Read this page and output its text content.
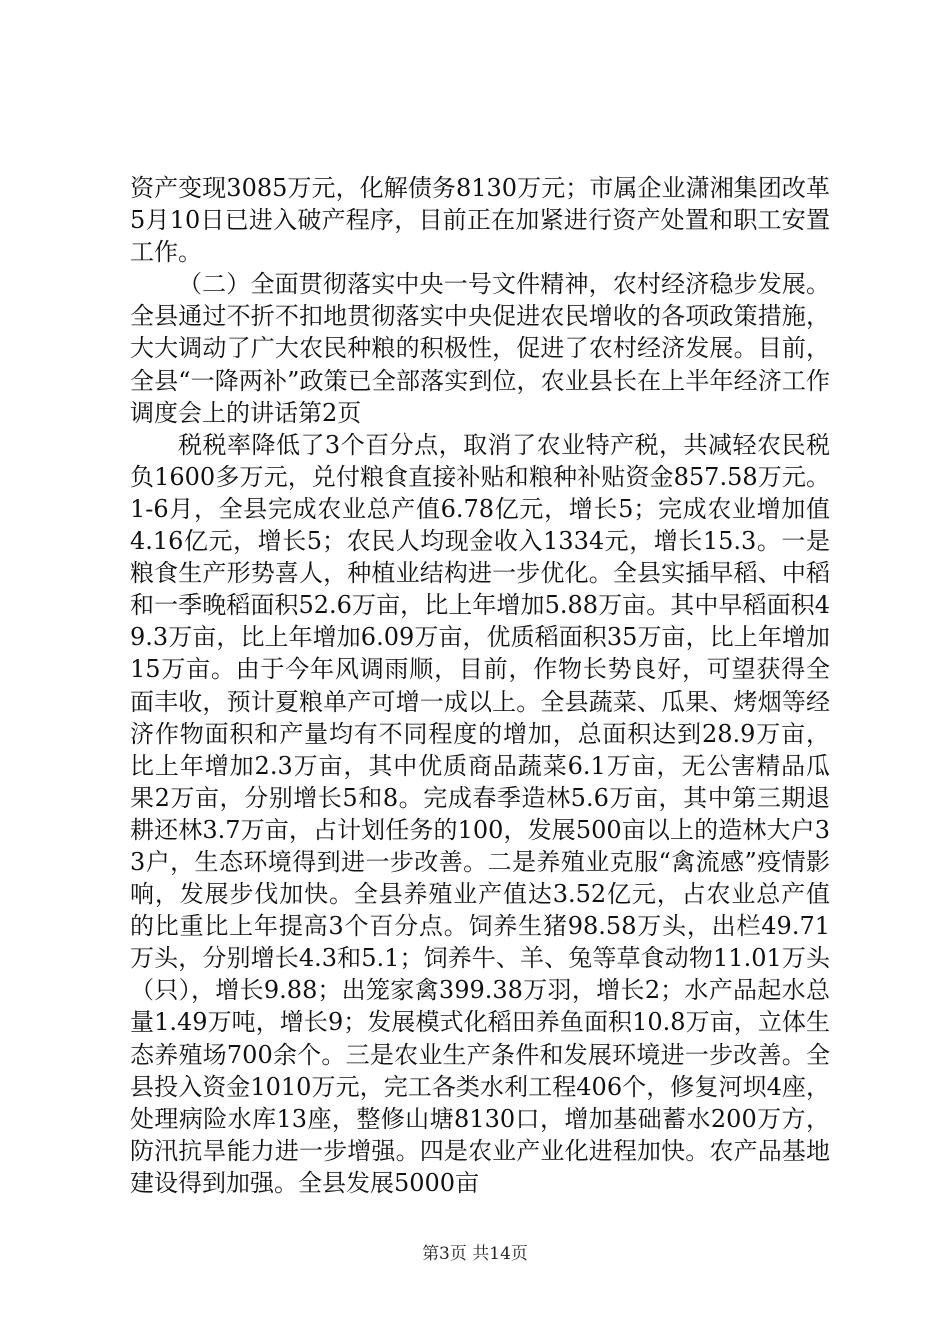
资产变现3085万元，化解债务8130万元；市属企业潇湘集团改革5月10日已进入破产程序，目前正在加紧进行资产处置和职工安置工作。

（二）全面贯彻落实中央一号文件精神，农村经济稳步发展。全县通过不折不扣地贯彻落实中央促进农民增收的各项政策措施，大大调动了广大农民种粮的积极性，促进了农村经济发展。目前，全县“一降两补”政策已全部落实到位，农业县长在上半年经济工作调度会上的讲话第2页

税税率降低了3个百分点，取消了农业特产税，共减轻农民税负1600多万元，兑付粮食直接补贴和粮种补贴资金857.58万元。1-6月，全县完成农业总产值6.78亿元，增长5；完成农业增加值4.16亿元，增长5；农民人均现金收入1334元，增长15.3。一是粮食生产形势喜人，种植业结构进一步优化。全县实插早稻、中稻和一季晚稻面积52.6万亩，比上年增加5.88万亩。其中早稻面积49.3万亩，比上年增加6.09万亩，优质稻面积35万亩，比上年增加15万亩。由于今年风调雨顺，目前，作物长势良好，可望获得全面丰收，预计夏粮单产可增一成以上。全县蔬菜、瓜果、烤烟等经济作物面积和产量均有不同程度的增加，总面积达到28.9万亩，比上年增加2.3万亩，其中优质商品蔬菜6.1万亩，无公害精品瓜果2万亩，分别增长5和8。完成春季造林5.6万亩，其中第三期退耕还林3.7万亩，占计划任务的100，发展500亩以上的造林大户33户，生态环境得到进一步改善。二是养殖业克服“禽流感”疫情影响，发展步伐加快。全县养殖业产值达3.52亿元，占农业总产值的比重比上年提高3个百分点。饲养生猪98.58万头，出栏49.71万头，分别增长4.3和5.1；饲养牛、羊、兔等草食动物11.01万头（只），增长9.88；出笼家禽399.38万羽，增长2；水产品起水总量1.49万吨，增长9；发展模式化稻田养鱼面积10.8万亩，立体生态养殖场700余个。三是农业生产条件和发展环境进一步改善。全县投入资金1010万元，完工各类水利工程406个，修复河坝4座，处理病险水库13座，整修山塘8130口，增加基础蓄水200万方，防汛抗旱能力进一步增强。四是农业产业化进程加快。农产品基地建设得到加强。全县发展5000亩

第3页 共14页
